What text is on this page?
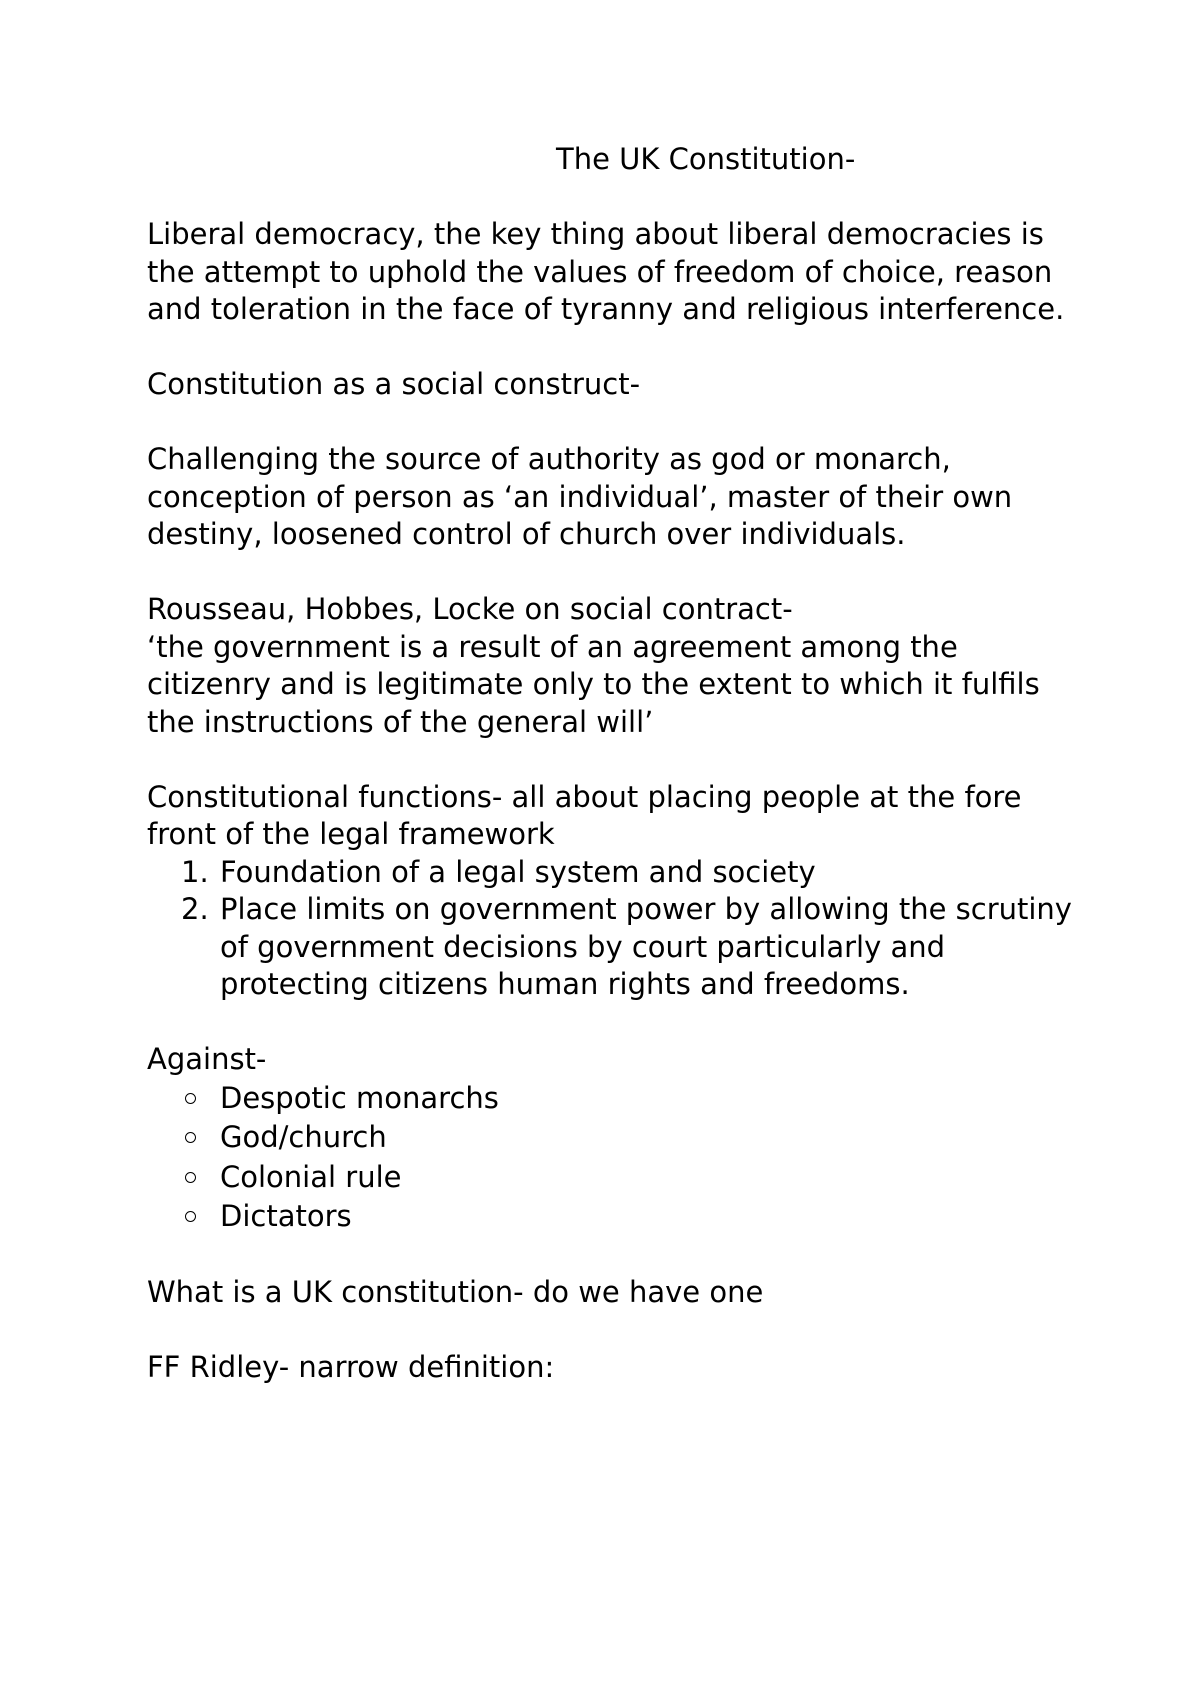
The UK Constitution-

Liberal democracy, the key thing about liberal democracies is the attempt to uphold the values of freedom of choice, reason and toleration in the face of tyranny and religious interference.

Constitution as a social construct-

Challenging the source of authority as god or monarch, conception of person as ‘an individual’, master of their own destiny, loosened control of church over individuals.

Rousseau, Hobbes, Locke on social contract-

‘the government is a result of an agreement among the citizenry and is legitimate only to the extent to which it fulfils the instructions of the general will’

Constitutional functions- all about placing people at the fore front of the legal framework

1. Foundation of a legal system and society
2. Place limits on government power by allowing the scrutiny of government decisions by court particularly and protecting citizens human rights and freedoms.

Against-

Despotic monarchs
God/church
Colonial rule
Dictators

What is a UK constitution- do we have one

FF Ridley- narrow definition:
